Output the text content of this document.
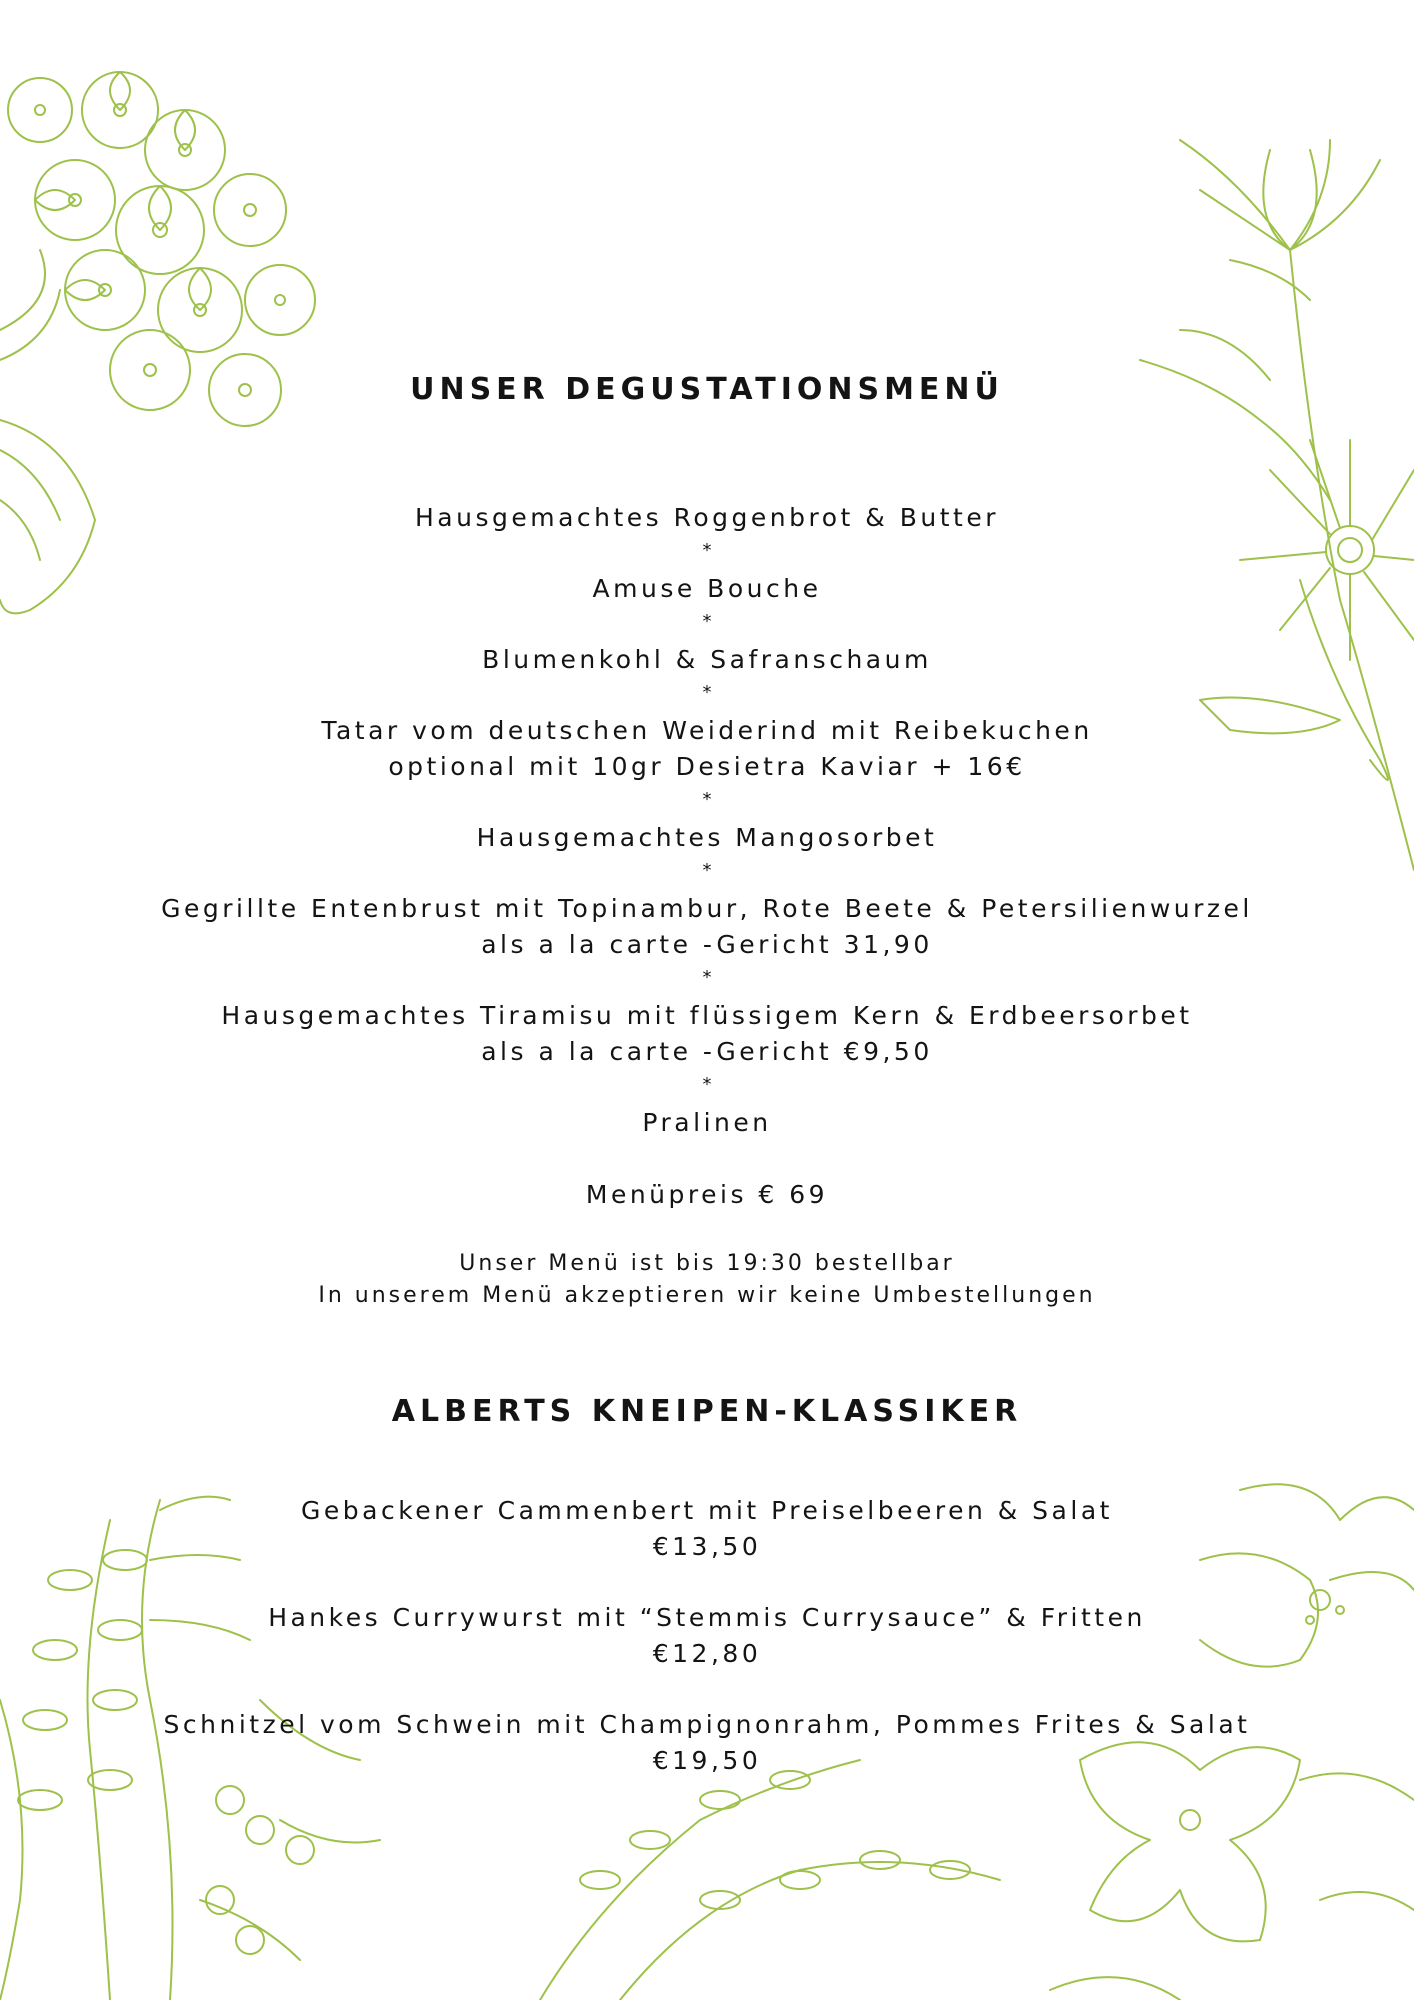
UNSER DEGUSTATIONSMENÜ

Hausgemachtes Roggenbrot & Butter

*

Amuse Bouche

*

Blumenkohl & Safranschaum

*

Tatar vom deutschen Weiderind mit Reibekuchen

optional mit 10gr Desietra Kaviar + 16€

*

Hausgemachtes Mangosorbet

*

Gegrillte Entenbrust mit Topinambur, Rote Beete & Petersilienwurzel

als a la carte -Gericht 31,90

*

Hausgemachtes Tiramisu mit flüssigem Kern & Erdbeersorbet

als a la carte -Gericht €9,50

*

Pralinen

Menüpreis € 69

Unser Menü ist bis 19:30 bestellbar

In unserem Menü akzeptieren wir keine Umbestellungen

ALBERTS KNEIPEN-KLASSIKER

Gebackener Cammenbert mit Preiselbeeren & Salat

€13,50

Hankes Currywurst mit “Stemmis Currysauce” & Fritten

€12,80

Schnitzel vom Schwein mit Champignonrahm, Pommes Frites & Salat

€19,50
